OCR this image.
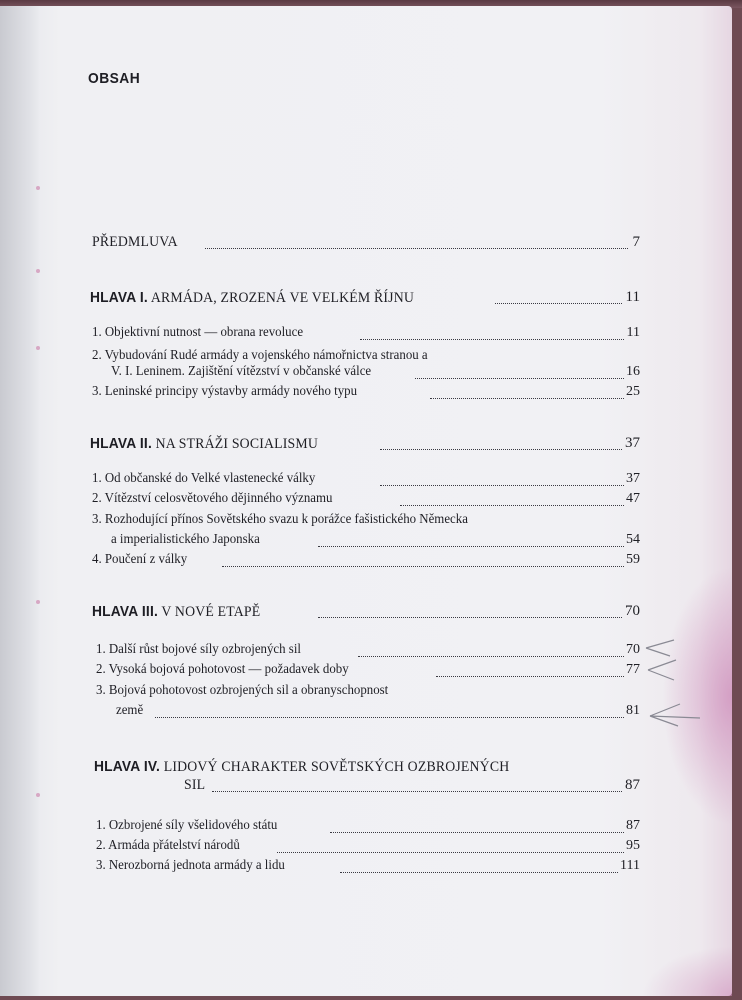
OBSAH
PŘEDMLUVA	7
HLAVA I. ARMÁDA, ZROZENÁ VE VELKÉM ŘÍJNU	11
1. Objektivní nutnost — obrana revoluce	11
2. Vybudování Rudé armády a vojenského námořnictva stranou a
V. I. Leninem. Zajištění vítězství v občanské válce	16
3. Leninské principy výstavby armády nového typu	25
HLAVA II. NA STRÁŽI SOCIALISMU	37
1. Od občanské do Velké vlastenecké války	37
2. Vítězství celosvětového dějinného významu	47
3. Rozhodující přínos Sovětského svazu k porážce fašistického Německa
a imperialistického Japonska	54
4. Poučení z války	59
HLAVA III. V NOVÉ ETAPĚ	70
1. Další růst bojové síly ozbrojených sil	70
2. Vysoká bojová pohotovost — požadavek doby	77
3. Bojová pohotovost ozbrojených sil a obranyschopnost
země	81
HLAVA IV. LIDOVÝ CHARAKTER SOVĚTSKÝCH OZBROJENÝCH
SIL	87
1. Ozbrojené síly všelidového státu	87
2. Armáda přátelství národů	95
3. Nerozborná jednota armády a lidu	111
